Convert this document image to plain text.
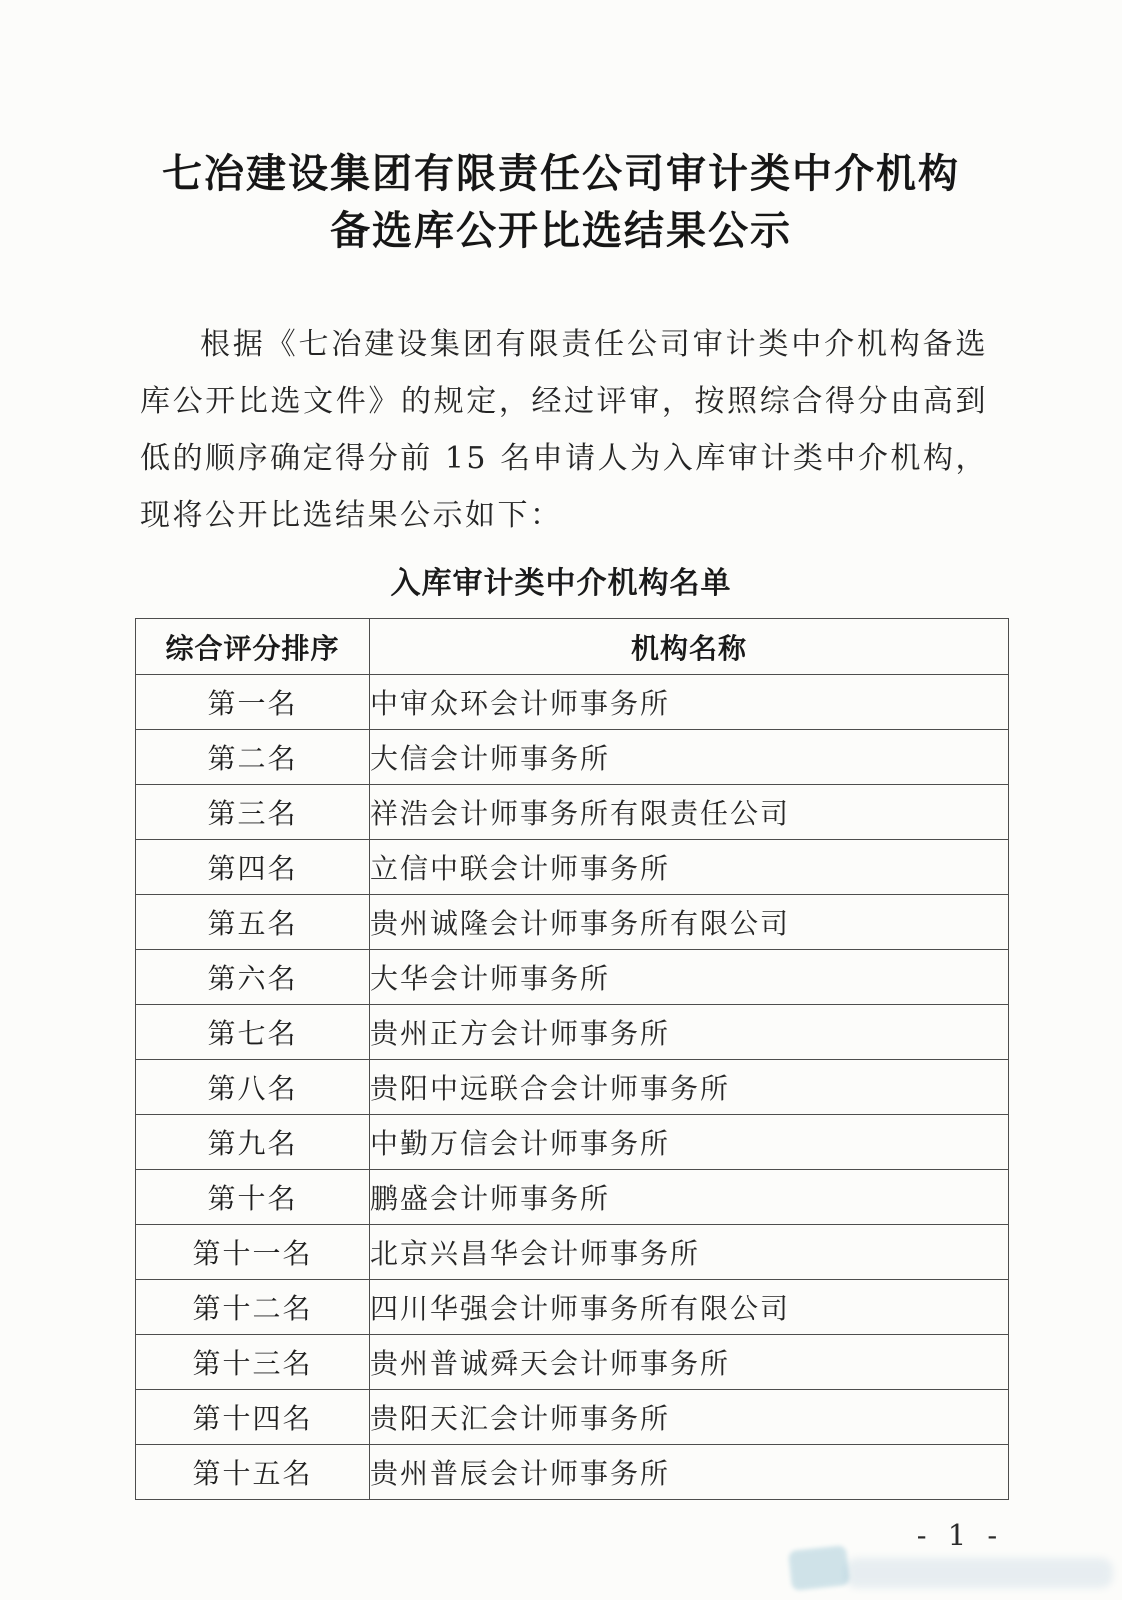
七冶建设集团有限责任公司审计类中介机构
备选库公开比选结果公示

根据《七冶建设集团有限责任公司审计类中介机构备选库公开比选文件》的规定，经过评审，按照综合得分由高到低的顺序确定得分前 15 名申请人为入库审计类中介机构，现将公开比选结果公示如下：

入库审计类中介机构名单
综合评分排序	机构名称
第一名	中审众环会计师事务所
第二名	大信会计师事务所
第三名	祥浩会计师事务所有限责任公司
第四名	立信中联会计师事务所
第五名	贵州诚隆会计师事务所有限公司
第六名	大华会计师事务所
第七名	贵州正方会计师事务所
第八名	贵阳中远联合会计师事务所
第九名	中勤万信会计师事务所
第十名	鹏盛会计师事务所
第十一名	北京兴昌华会计师事务所
第十二名	四川华强会计师事务所有限公司
第十三名	贵州普诚舜天会计师事务所
第十四名	贵阳天汇会计师事务所
第十五名	贵州普辰会计师事务所
- 1 -
